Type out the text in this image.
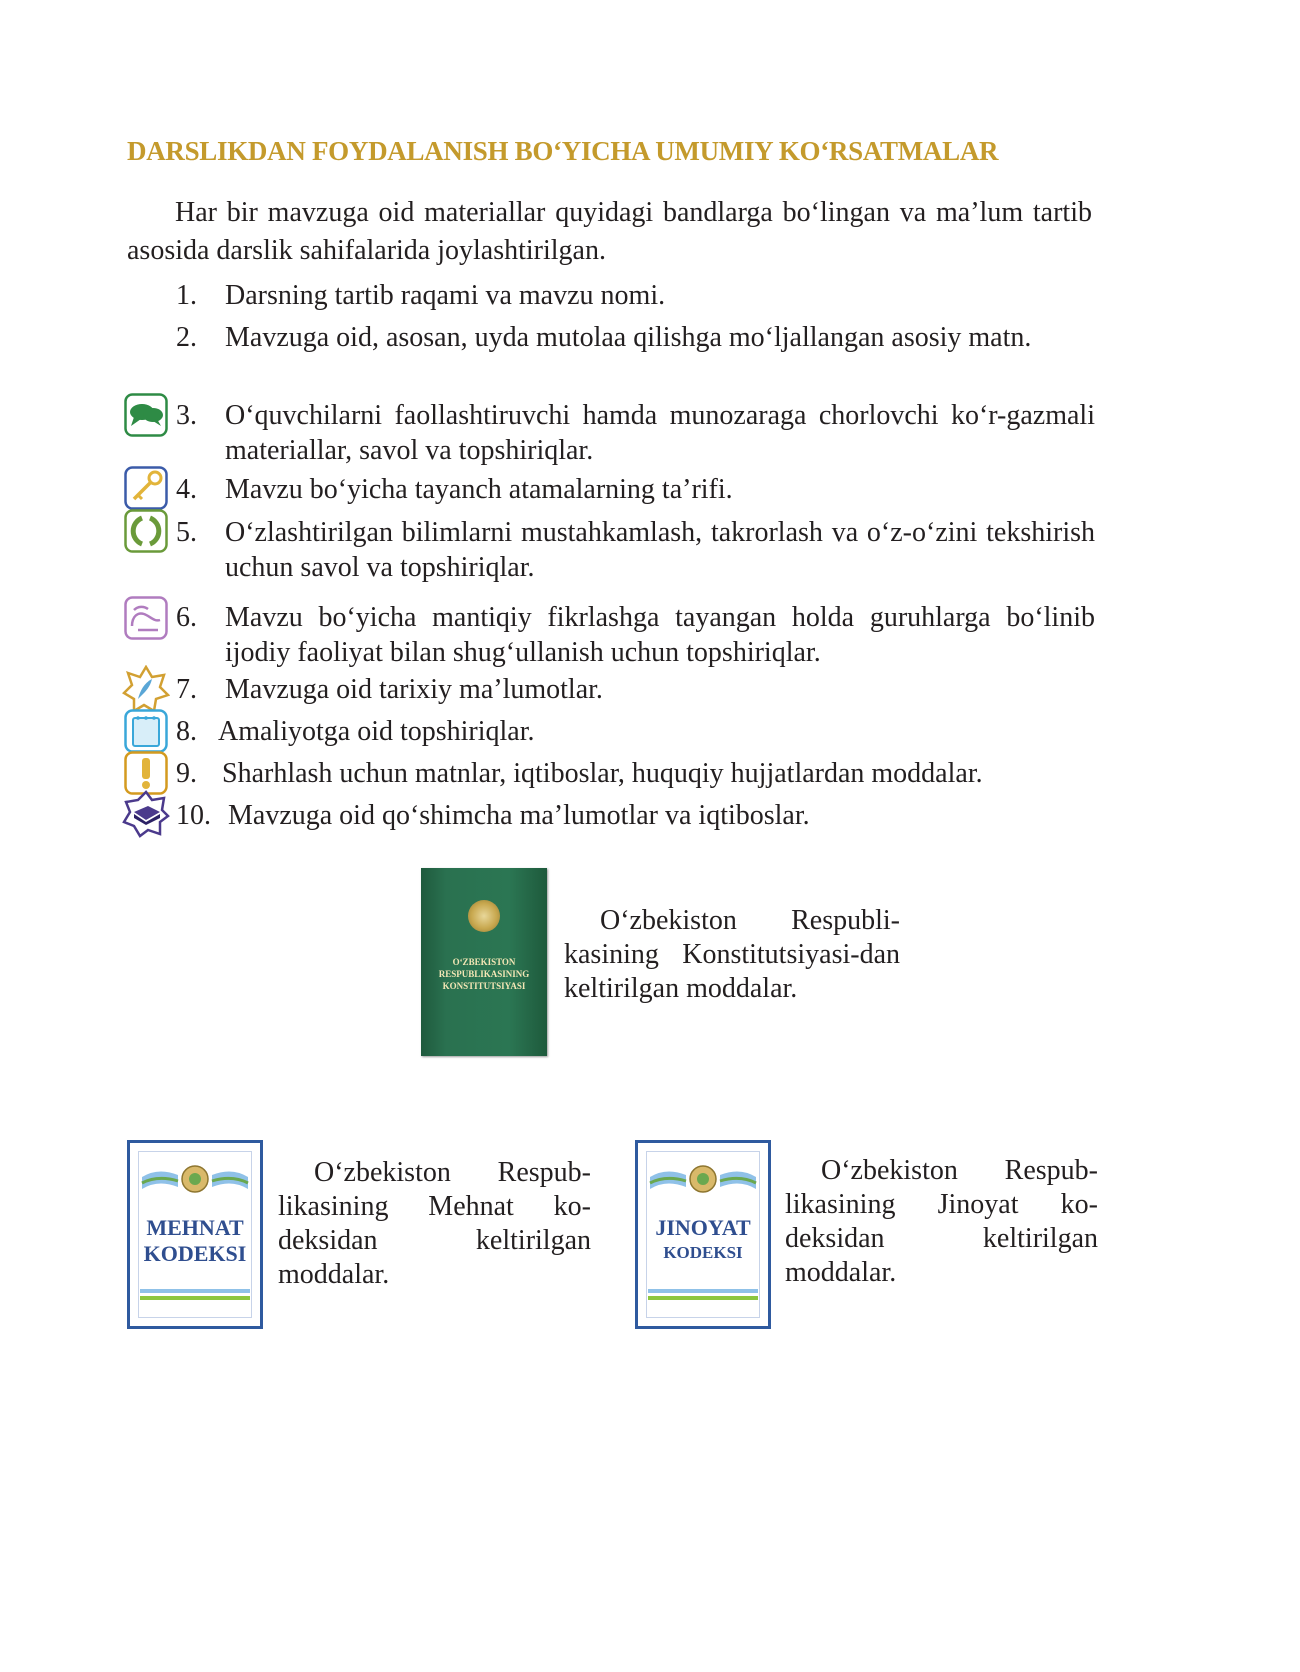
DARSLIKDAN FOYDALANISH BO‘YICHA UMUMIY KO‘RSATMALAR
Har bir mavzuga oid materiallar quyidagi bandlarga bo‘lingan va ma’lum tartib asosida darslik sahifalarida joylashtirilgan.
1. Darsning tartib raqami va mavzu nomi.
2. Mavzuga oid, asosan, uyda mutolaa qilishga mo‘ljallangan asosiy matn.
3. O‘quvchilarni faollashtiruvchi hamda munozaraga chorlovchi ko‘r-gazmali materiallar, savol va topshiriqlar.
4. Mavzu bo‘yicha tayanch atamalarning ta’rifi.
5. O‘zlashtirilgan bilimlarni mustahkamlash, takrorlash va o‘z-o‘zini tekshirish uchun savol va topshiriqlar.
6. Mavzu bo‘yicha mantiqiy fikrlashga tayangan holda guruhlarga bo‘linib ijodiy faoliyat bilan shug‘ullanish uchun topshiriqlar.
7. Mavzuga oid tarixiy ma’lumotlar.
8. Amaliyotga oid topshiriqlar.
9. Sharhlash uchun matnlar, iqtiboslar, huquqiy hujjatlardan moddalar.
10. Mavzuga oid qo‘shimcha ma’lumotlar va iqtiboslar.
O‘ZBEKISTON RESPUBLIKASINING KONSTITUTSIYASI
O‘zbekiston Respubli-kasining Konstitutsiyasi-dan keltirilgan moddalar.
MEHNAT
KODEKSI
O‘zbekiston Respub-likasining Mehnat ko-deksidan keltirilgan moddalar.
JINOYAT
KODEKSI
O‘zbekiston Respub-likasining Jinoyat ko-deksidan keltirilgan moddalar.
